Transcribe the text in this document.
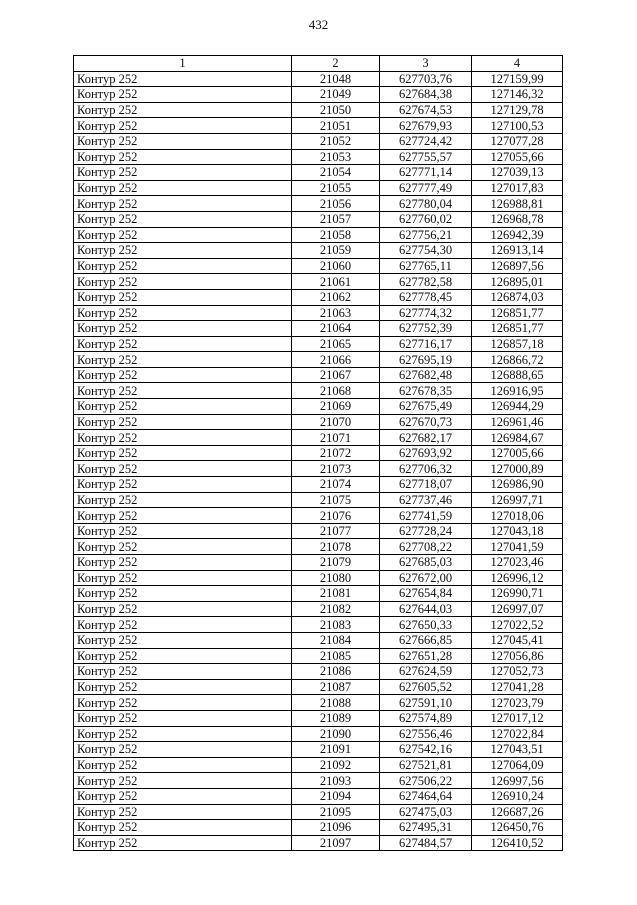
432
1	2	3	4
Контур 252	21048	627703,76	127159,99
Контур 252	21049	627684,38	127146,32
Контур 252	21050	627674,53	127129,78
Контур 252	21051	627679,93	127100,53
Контур 252	21052	627724,42	127077,28
Контур 252	21053	627755,57	127055,66
Контур 252	21054	627771,14	127039,13
Контур 252	21055	627777,49	127017,83
Контур 252	21056	627780,04	126988,81
Контур 252	21057	627760,02	126968,78
Контур 252	21058	627756,21	126942,39
Контур 252	21059	627754,30	126913,14
Контур 252	21060	627765,11	126897,56
Контур 252	21061	627782,58	126895,01
Контур 252	21062	627778,45	126874,03
Контур 252	21063	627774,32	126851,77
Контур 252	21064	627752,39	126851,77
Контур 252	21065	627716,17	126857,18
Контур 252	21066	627695,19	126866,72
Контур 252	21067	627682,48	126888,65
Контур 252	21068	627678,35	126916,95
Контур 252	21069	627675,49	126944,29
Контур 252	21070	627670,73	126961,46
Контур 252	21071	627682,17	126984,67
Контур 252	21072	627693,92	127005,66
Контур 252	21073	627706,32	127000,89
Контур 252	21074	627718,07	126986,90
Контур 252	21075	627737,46	126997,71
Контур 252	21076	627741,59	127018,06
Контур 252	21077	627728,24	127043,18
Контур 252	21078	627708,22	127041,59
Контур 252	21079	627685,03	127023,46
Контур 252	21080	627672,00	126996,12
Контур 252	21081	627654,84	126990,71
Контур 252	21082	627644,03	126997,07
Контур 252	21083	627650,33	127022,52
Контур 252	21084	627666,85	127045,41
Контур 252	21085	627651,28	127056,86
Контур 252	21086	627624,59	127052,73
Контур 252	21087	627605,52	127041,28
Контур 252	21088	627591,10	127023,79
Контур 252	21089	627574,89	127017,12
Контур 252	21090	627556,46	127022,84
Контур 252	21091	627542,16	127043,51
Контур 252	21092	627521,81	127064,09
Контур 252	21093	627506,22	126997,56
Контур 252	21094	627464,64	126910,24
Контур 252	21095	627475,03	126687,26
Контур 252	21096	627495,31	126450,76
Контур 252	21097	627484,57	126410,52
